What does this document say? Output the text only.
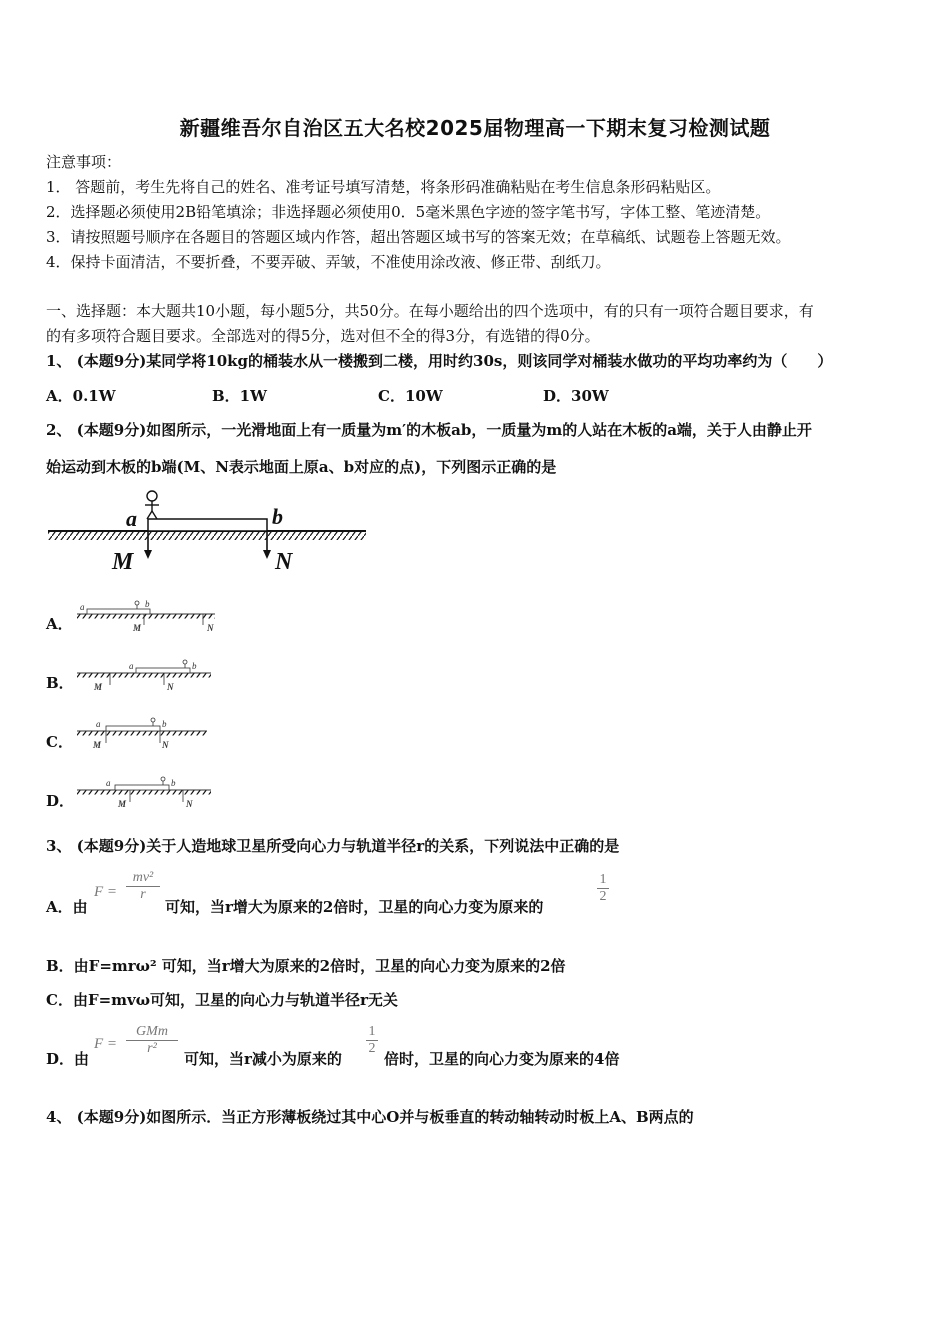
新疆维吾尔自治区五大名校2025届物理高一下期末复习检测试题
注意事项：
1． 答题前，考生先将自己的姓名、准考证号填写清楚，将条形码准确粘贴在考生信息条形码粘贴区。
2．选择题必须使用2B铅笔填涂；非选择题必须使用0．5毫米黑色字迹的签字笔书写，字体工整、笔迹清楚。
3．请按照题号顺序在各题目的答题区域内作答，超出答题区域书写的答案无效；在草稿纸、试题卷上答题无效。
4．保持卡面清洁，不要折叠，不要弄破、弄皱，不准使用涂改液、修正带、刮纸刀。
一、选择题：本大题共10小题，每小题5分，共50分。在每小题给出的四个选项中，有的只有一项符合题目要求，有
的有多项符合题目要求。全部选对的得5分，选对但不全的得3分，有选错的得0分。
1、 (本题9分)某同学将10kg的桶装水从一楼搬到二楼，用时约30s，则该同学对桶装水做功的平均功率约为（　　）
A．0.1W	B．1W	C．10W	D．30W
2、 (本题9分)如图所示，一光滑地面上有一质量为m′的木板ab，一质量为m的人站在木板的a端，关于人由静止开
始运动到木板的b端(M、N表示地面上原a、b对应的点)，下列图示正确的是
a	b
M	N
A．
a	b
M	N
B．
a	b
M	N
C．
a	b
M	N
D．
a	b
M	N
3、 (本题9分)关于人造地球卫星所受向心力与轨道半径r的关系，下列说法中正确的是
A．由
F =
mv²
r
可知，当r增大为原来的2倍时，卫星的向心力变为原来的
1
2
B．由F=mrω² 可知，当r增大为原来的2倍时，卫星的向心力变为原来的2倍
C．由F=mvω可知，卫星的向心力与轨道半径r无关
D．由
F =
GMm
r²
可知，当r减小为原来的
1
2
倍时，卫星的向心力变为原来的4倍
4、 (本题9分)如图所示．当正方形薄板绕过其中心O并与板垂直的转动轴转动时板上A、B两点的
